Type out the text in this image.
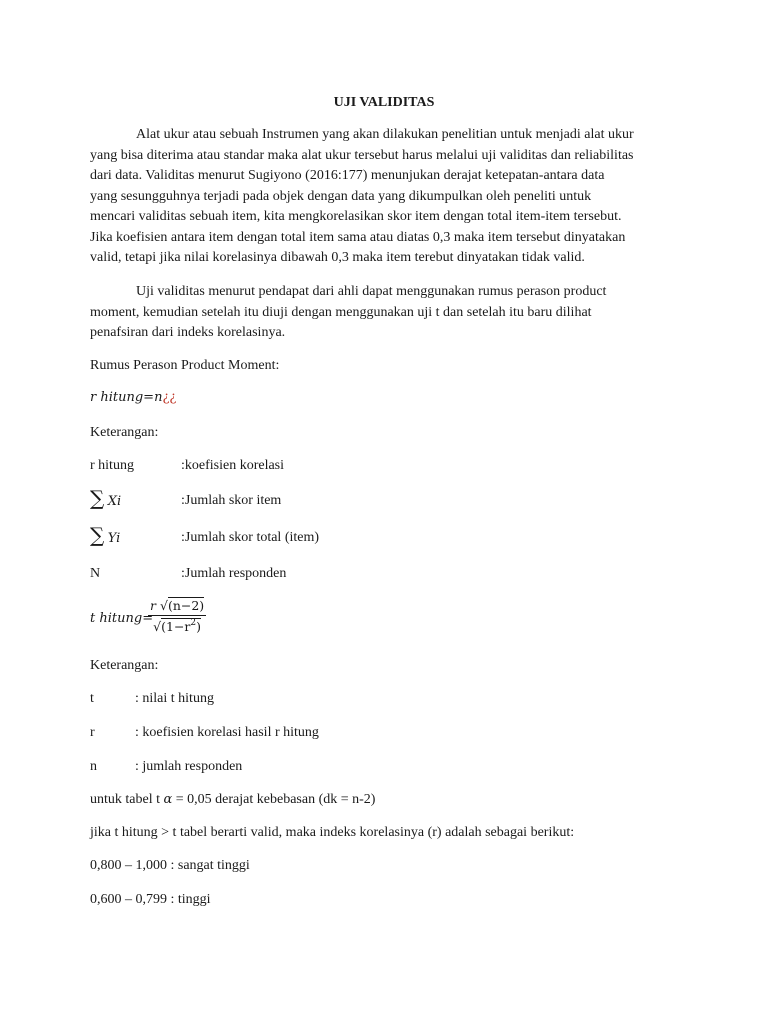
UJI VALIDITAS
Alat ukur atau sebuah Instrumen yang akan dilakukan penelitian untuk menjadi alat ukur
yang bisa diterima atau standar maka alat ukur tersebut harus melalui uji validitas dan reliabilitas
dari data. Validitas menurut Sugiyono (2016:177) menunjukan derajat ketepatan-antara data
yang sesungguhnya terjadi pada objek dengan data yang dikumpulkan oleh peneliti untuk
mencari validitas sebuah item, kita mengkorelasikan skor item dengan total item-item tersebut.
Jika koefisien antara item dengan total item sama atau diatas 0,3 maka item tersebut dinyatakan
valid, tetapi jika nilai korelasinya dibawah 0,3 maka item terebut dinyatakan tidak valid.
Uji validitas menurut pendapat dari ahli dapat menggunakan rumus perason product
moment, kemudian setelah itu diuji dengan menggunakan uji t dan setelah itu baru dilihat
penafsiran dari indeks korelasinya.
Rumus Perason Product Moment:
r hitung=n¿¿
Keterangan:
r hitung	:koefisien korelasi
∑ Xi	:Jumlah skor item
∑ Yi	:Jumlah skor total (item)
N	:Jumlah responden
t hitung=
$\frac{r √(n-2)}{√(1-r^2)}$
Keterangan:
t	: nilai t hitung
r	: koefisien korelasi hasil r hitung
n	: jumlah responden
untuk tabel t α = 0,05 derajat kebebasan (dk = n-2)
jika t hitung > t tabel berarti valid, maka indeks korelasinya (r) adalah sebagai berikut:
0,800 – 1,000 : sangat tinggi
0,600 – 0,799 : tinggi
